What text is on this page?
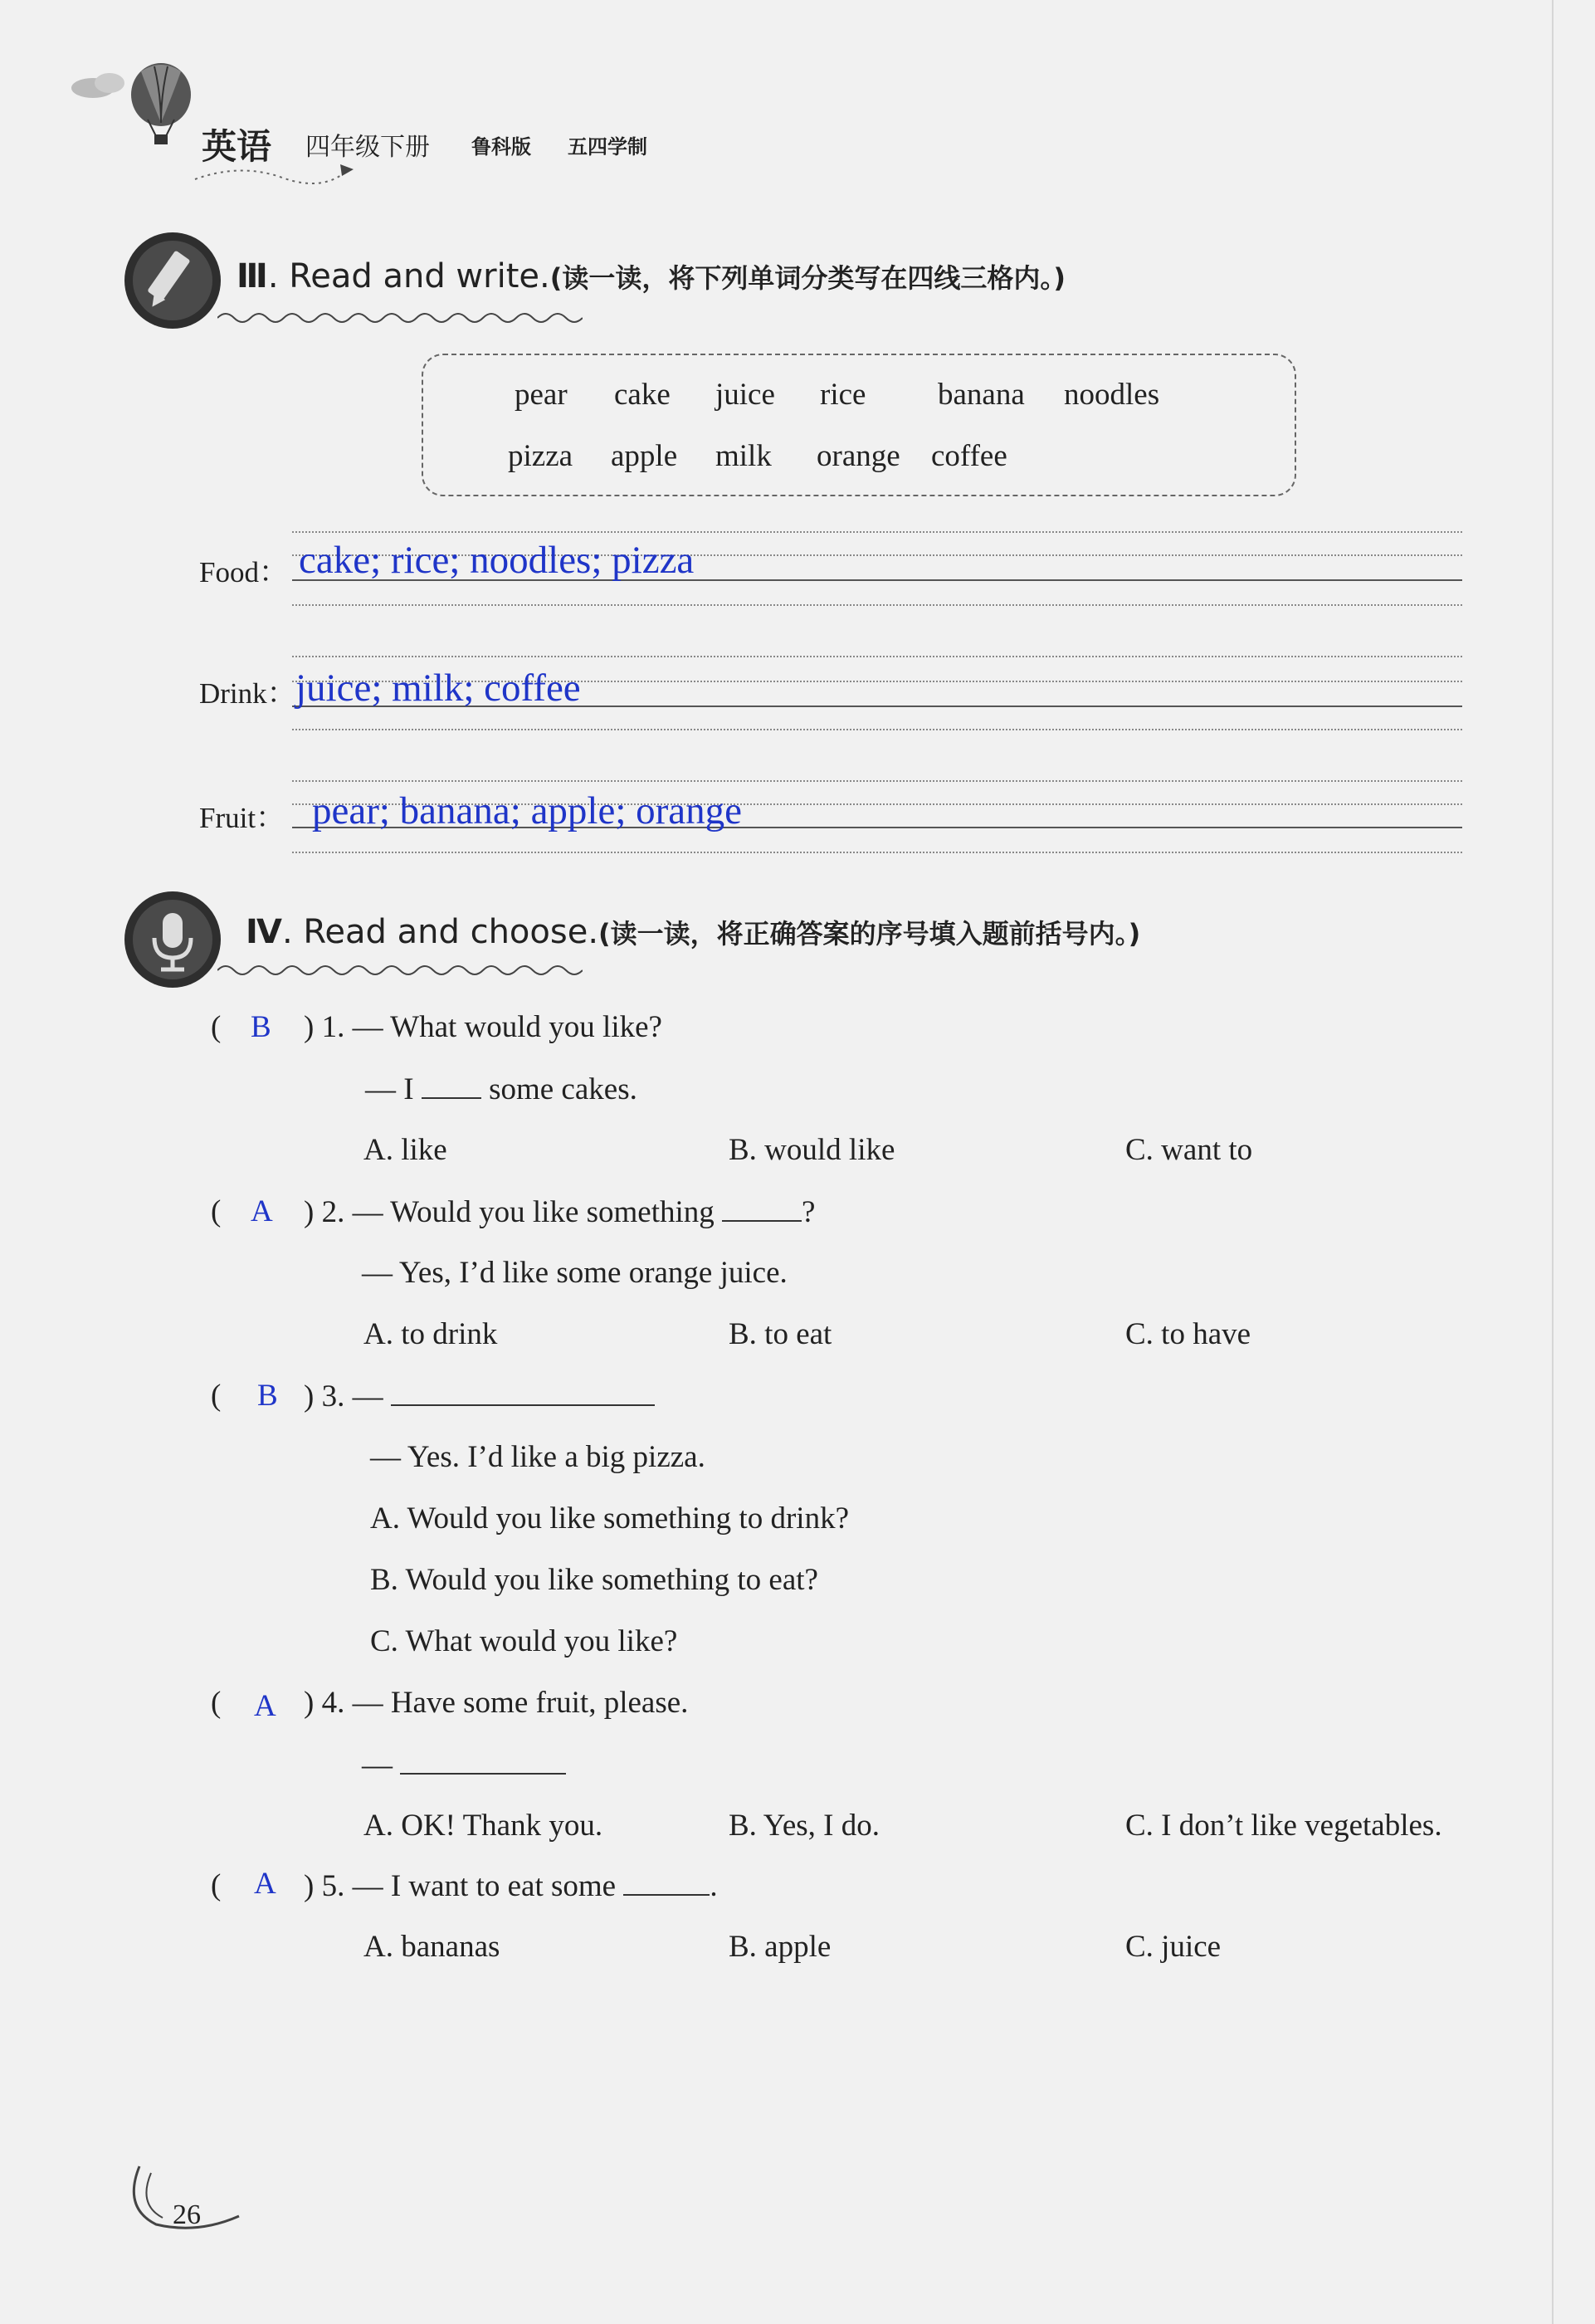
英语 四年级下册 鲁科版 五四学制
Ⅲ. Read and write.(读一读，将下列单词分类写在四线三格内。)
pear cake juice rice banana noodles
pizza apple milk orange coffee
Food： cake; rice; noodles; pizza
Drink： juice; milk; coffee
Fruit： pear; banana; apple; orange
Ⅳ. Read and choose.(读一读，将正确答案的序号填入题前括号内。)
( B ) 1. — What would you like?
— I some cakes.
A. like	B. would like	C. want to
( A ) 2. — Would you like something	?
— Yes, I’d like some orange juice.
A. to drink	B. to eat	C. to have
( B ) 3. —
— Yes. I’d like a big pizza.
A. Would you like something to drink?
B. Would you like something to eat?
C. What would you like?
( A ) 4. — Have some fruit, please.
—
A. OK! Thank you.	B. Yes, I do.	C. I don’t like vegetables.
( A ) 5. — I want to eat some	.
A. bananas	B. apple	C. juice
26
